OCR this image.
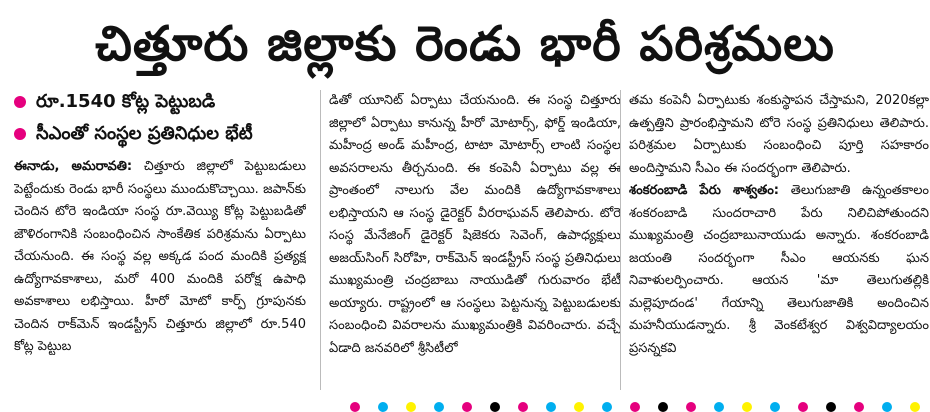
చిత్తూరు జిల్లాకు రెండు భారీ పరిశ్రమలు
రూ.1540 కోట్ల పెట్టుబడి
సీఎంతో సంస్థల ప్రతినిధుల భేటీ

ఈనాడు, అమరావతి: చిత్తూరు జిల్లాలో పెట్టుబడులు పెట్టేందుకు రెండు భారీ సంస్థలు ముందుకొచ్చాయి. జపాన్‌కు చెందిన టోరె ఇండియా సంస్థ రూ.వెయ్యి కోట్ల పెట్టుబడితో జౌళిరంగానికి సంబంధించిన సాంకేతిక పరిశ్రమను ఏర్పాటు చేయనుంది. ఈ సంస్థ వల్ల అక్కడ పంద మందికి ప్రత్యక్ష ఉద్యోగావకాశాలు, మరో 400 మందికి పరోక్ష ఉపాధి అవకాశాలు లభిస్తాయి. హీరో మోటో కార్ప్ గ్రూపునకు చెందిన రాక్‌మెన్ ఇండస్ట్రీస్ చిత్తూరు జిల్లాలో రూ.540 కోట్ల పెట్టుబ

డితో యూనిట్ ఏర్పాటు చేయనుంది. ఈ సంస్థ చిత్తూరు జిల్లాలో ఏర్పాటు కానున్న హీరో మోటార్స్, ఫోర్డ్ ఇండియా, మహీంద్ర అండ్ మహీంద్ర, టాటా మోటార్స్ లాంటి సంస్థల అవసరాలను తీర్చనుంది. ఈ కంపెనీ ఏర్పాటు వల్ల ఈ ప్రాంతంలో నాలుగు వేల మందికి ఉద్యోగావకాశాలు లభిస్తాయని ఆ సంస్థ డైరెక్టర్ వీరరాఘవన్ తెలిపారు. టోరె సంస్థ మేనేజింగ్ డైరెక్టర్ షిజెకరు సెవెంగ్, ఉపాధ్యక్షులు అజయ్‌సింగ్ సిరోహి, రాక్‌మెన్ ఇండస్ట్రీస్ సంస్థ ప్రతినిధులు ముఖ్యమంత్రి చంద్రబాబు నాయుడితో గురువారం భేటీ అయ్యారు. రాష్ట్రంలో ఆ సంస్థలు పెట్టనున్న పెట్టుబడులకు సంబంధించి వివరాలను ముఖ్యమంత్రికి వివరించారు. వచ్చే ఏడాది జనవరిలో శ్రీసిటీలో

తమ కంపెనీ ఏర్పాటుకు శంకుస్థాపన చేస్తామని, 2020కల్లా ఉత్పత్తిని ప్రారంభిస్తామని టోరె సంస్థ ప్రతినిధులు తెలిపారు. పరిశ్రమల ఏర్పాటుకు సంబంధించి పూర్తి సహకారం అందిస్తామని సీఎం ఈ సందర్భంగా తెలిపారు.

శంకరంబాడి పేరు శాశ్వతం: తెలుగుజాతి ఉన్నంతకాలం శంకరంబాడి సుందరాచారి పేరు నిలిచిపోతుందని ముఖ్యమంత్రి చంద్రబాబునాయుడు అన్నారు. శంకరంబాడి జయంతి సందర్భంగా సీఎం ఆయనకు ఘన నివాళులర్పించారు. ఆయన 'మా తెలుగుతల్లికి మల్లెపూదండ' గేయాన్ని తెలుగుజాతికి అందించిన మహనీయుడన్నారు. శ్రీ వెంకటేశ్వర విశ్వవిద్యాలయం ప్రసన్నకవి
